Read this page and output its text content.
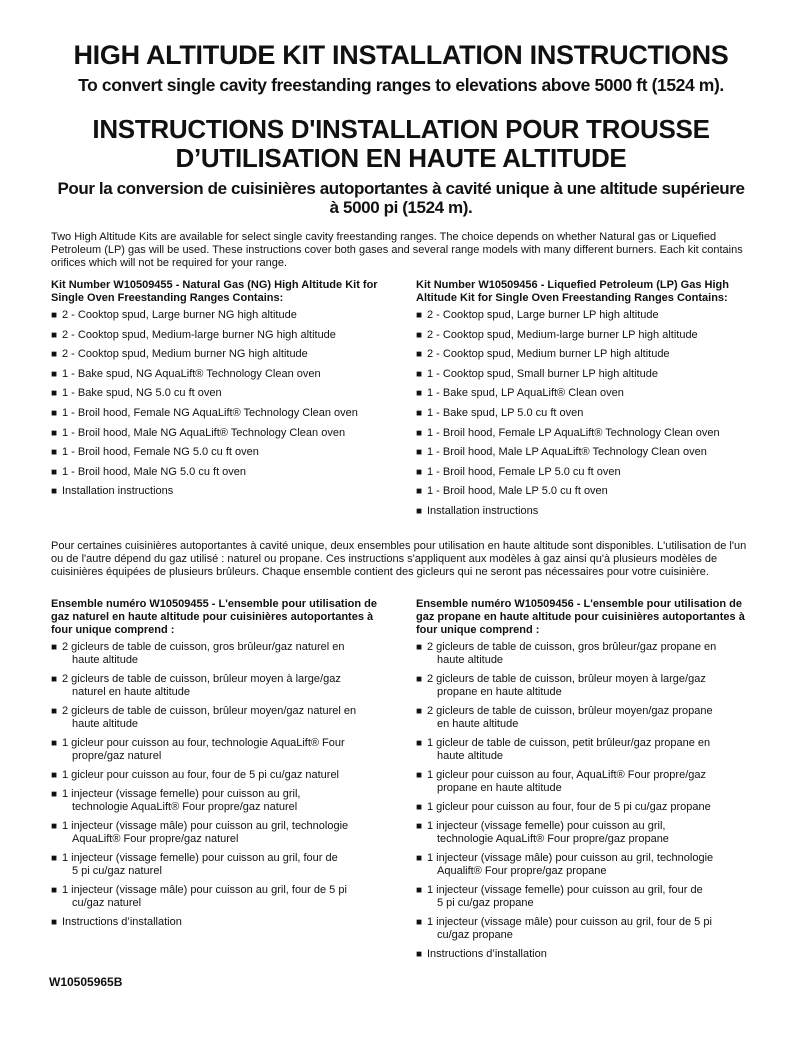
HIGH ALTITUDE KIT INSTALLATION INSTRUCTIONS
To convert single cavity freestanding ranges to elevations above 5000 ft (1524 m).
INSTRUCTIONS D'INSTALLATION POUR TROUSSE
D’UTILISATION EN HAUTE ALTITUDE
Pour la conversion de cuisinières autoportantes à cavité unique à une altitude supérieure
à 5000 pi (1524 m).

Two High Altitude Kits are available for select single cavity freestanding ranges. The choice depends on whether Natural gas or Liquefied Petroleum (LP) gas will be used. These instructions cover both gases and several range models with many different burners. Each kit contains orifices which will not be required for your range.

Kit Number W10509455 - Natural Gas (NG) High Altitude Kit for Single Oven Freestanding Ranges Contains:

■ 2 - Cooktop spud, Large burner NG high altitude
■ 2 - Cooktop spud, Medium-large burner NG high altitude
■ 2 - Cooktop spud, Medium burner NG high altitude
■ 1 - Bake spud, NG AquaLift® Technology Clean oven
■ 1 - Bake spud, NG 5.0 cu ft oven
■ 1 - Broil hood, Female NG AquaLift® Technology Clean oven
■ 1 - Broil hood, Male NG AquaLift® Technology Clean oven
■ 1 - Broil hood, Female NG 5.0 cu ft oven
■ 1 - Broil hood, Male NG 5.0 cu ft oven
■ Installation instructions

Kit Number W10509456 - Liquefied Petroleum (LP) Gas High Altitude Kit for Single Oven Freestanding Ranges Contains:

■ 2 - Cooktop spud, Large burner LP high altitude
■ 2 - Cooktop spud, Medium-large burner LP high altitude
■ 2 - Cooktop spud, Medium burner LP high altitude
■ 1 - Cooktop spud, Small burner LP high altitude
■ 1 - Bake spud, LP AquaLift® Clean oven
■ 1 - Bake spud, LP 5.0 cu ft oven
■ 1 - Broil hood, Female LP AquaLift® Technology Clean oven
■ 1 - Broil hood, Male LP AquaLift® Technology Clean oven
■ 1 - Broil hood, Female LP 5.0 cu ft oven
■ 1 - Broil hood, Male LP 5.0 cu ft oven
■ Installation instructions

Pour certaines cuisinières autoportantes à cavité unique, deux ensembles pour utilisation en haute altitude sont disponibles. L'utilisation de l'un ou de l'autre dépend du gaz utilisé : naturel ou propane. Ces instructions s'appliquent aux modèles à gaz ainsi qu'à plusieurs modèles de cuisinières équipées de plusieurs brûleurs. Chaque ensemble contient des gicleurs qui ne seront pas nécessaires pour votre cuisinière.

Ensemble numéro W10509455 - L'ensemble pour utilisation de gaz naturel en haute altitude pour cuisinières autoportantes à four unique comprend :

■ 2 gicleurs de table de cuisson, gros brûleur/gaz naturel en
haute altitude
■ 2 gicleurs de table de cuisson, brûleur moyen à large/gaz
naturel en haute altitude
■ 2 gicleurs de table de cuisson, brûleur moyen/gaz naturel en
haute altitude
■ 1 gicleur pour cuisson au four, technologie AquaLift® Four
propre/gaz naturel
■ 1 gicleur pour cuisson au four, four de 5 pi cu/gaz naturel
■ 1 injecteur (vissage femelle) pour cuisson au gril,
technologie AquaLift® Four propre/gaz naturel
■ 1 injecteur (vissage mâle) pour cuisson au gril, technologie
AquaLift® Four propre/gaz naturel
■ 1 injecteur (vissage femelle) pour cuisson au gril, four de
5 pi cu/gaz naturel
■ 1 injecteur (vissage mâle) pour cuisson au gril, four de 5 pi
cu/gaz naturel
■ Instructions d’installation

Ensemble numéro W10509456 - L'ensemble pour utilisation de gaz propane en haute altitude pour cuisinières autoportantes à four unique comprend :

■ 2 gicleurs de table de cuisson, gros brûleur/gaz propane en
haute altitude
■ 2 gicleurs de table de cuisson, brûleur moyen à large/gaz
propane en haute altitude
■ 2 gicleurs de table de cuisson, brûleur moyen/gaz propane
en haute altitude
■ 1 gicleur de table de cuisson, petit brûleur/gaz propane en
haute altitude
■ 1 gicleur pour cuisson au four, AquaLift® Four propre/gaz
propane en haute altitude
■ 1 gicleur pour cuisson au four, four de 5 pi cu/gaz propane
■ 1 injecteur (vissage femelle) pour cuisson au gril,
technologie AquaLift® Four propre/gaz propane
■ 1 injecteur (vissage mâle) pour cuisson au gril, technologie
Aqualift® Four propre/gaz propane
■ 1 injecteur (vissage femelle) pour cuisson au gril, four de
5 pi cu/gaz propane
■ 1 injecteur (vissage mâle) pour cuisson au gril, four de 5 pi
cu/gaz propane
■ Instructions d’installation
W10505965B
